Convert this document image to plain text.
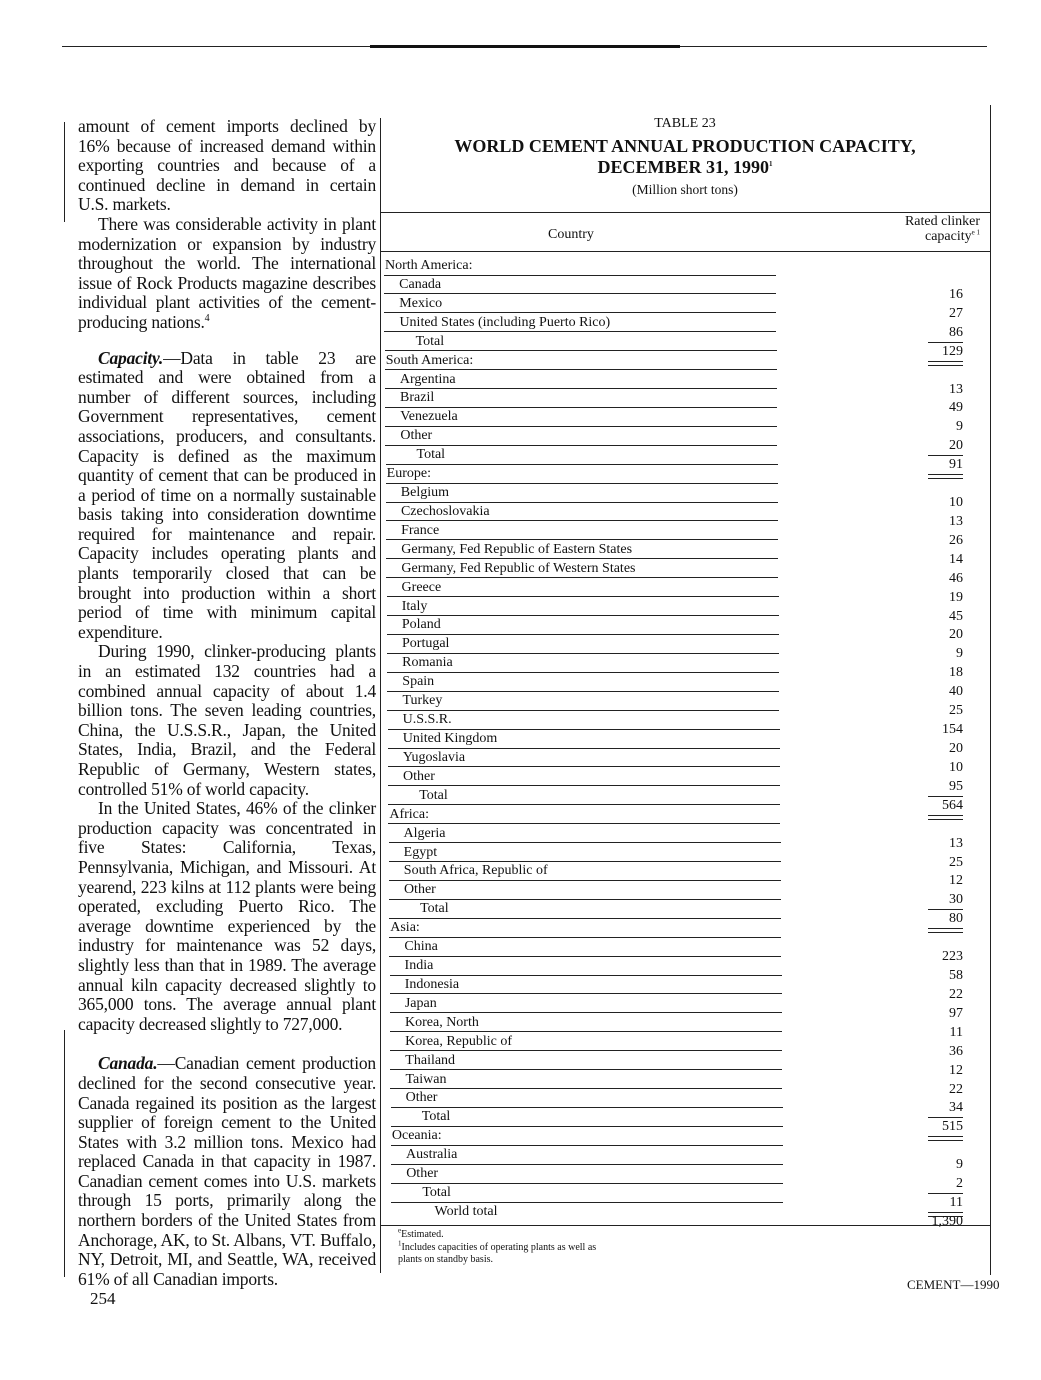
amount of cement imports declined by 16% because of increased demand within exporting countries and because of a continued decline in demand in certain U.S. markets.

There was considerable activity in plant modernization or expansion by industry throughout the world. The international issue of Rock Products magazine describes individual plant activities of the cement-producing nations.$^4$

Capacity.—Data in table 23 are estimated and were obtained from a number of different sources, including Government representatives, cement associations, producers, and consultants. Capacity is defined as the maximum quantity of cement that can be produced in a period of time on a normally sustainable basis taking into consideration downtime required for maintenance and repair. Capacity includes operating plants and plants temporarily closed that can be brought into production within a short period of time with minimum capital expenditure.

During 1990, clinker-producing plants in an estimated 132 countries had a combined annual capacity of about 1.4 billion tons. The seven leading countries, China, the U.S.S.R., Japan, the United States, India, Brazil, and the Federal Republic of Germany, Western states, controlled 51% of world capacity.

In the United States, 46% of the clinker production capacity was concentrated in five States: California, Texas, Pennsylvania, Michigan, and Missouri. At yearend, 223 kilns at 112 plants were being operated, excluding Puerto Rico. The average downtime experienced by the industry for maintenance was 52 days, slightly less than that in 1989. The average annual kiln capacity decreased slightly to 365,000 tons. The average annual plant capacity decreased slightly to 727,000.

Canada.—Canadian cement production declined for the second consecutive year. Canada regained its position as the largest supplier of foreign cement to the United States with 3.2 million tons. Mexico had replaced Canada in that capacity in 1987. Canadian cement comes into U.S. markets through 15 ports, primarily along the northern borders of the United States from Anchorage, AK, to St. Albans, VT. Buffalo, NY, Detroit, MI, and Seattle, WA, received 61% of all Canadian imports.

254
CEMENT—1990
TABLE 23
WORLD CEMENT ANNUAL PRODUCTION CAPACITY,
DECEMBER 31, 1990$^1$
(Million short tons)
Country
Rated clinker
capacity$^{e 1}$
North America:
Canada
16
Mexico
27
United States (including Puerto Rico)
86
Total
129
South America:
Argentina
13
Brazil
49
Venezuela
9
Other
20
Total
91
Europe:
Belgium
10
Czechoslovakia
13
France
26
Germany, Fed Republic of Eastern States
14
Germany, Fed Republic of Western States
46
Greece
19
Italy
45
Poland
20
Portugal
9
Romania
18
Spain
40
Turkey
25
U.S.S.R.
154
United Kingdom
20
Yugoslavia
10
Other
95
Total
564
Africa:
Algeria
13
Egypt
25
South Africa, Republic of
12
Other
30
Total
80
Asia:
China
223
India
58
Indonesia
22
Japan
97
Korea, North
11
Korea, Republic of
36
Thailand
12
Taiwan
22
Other
34
Total
515
Oceania:
Australia
9
Other
2
Total
11
World total
1,390
$^e$Estimated.
$^1$Includes capacities of operating plants as well as
plants on standby basis.
